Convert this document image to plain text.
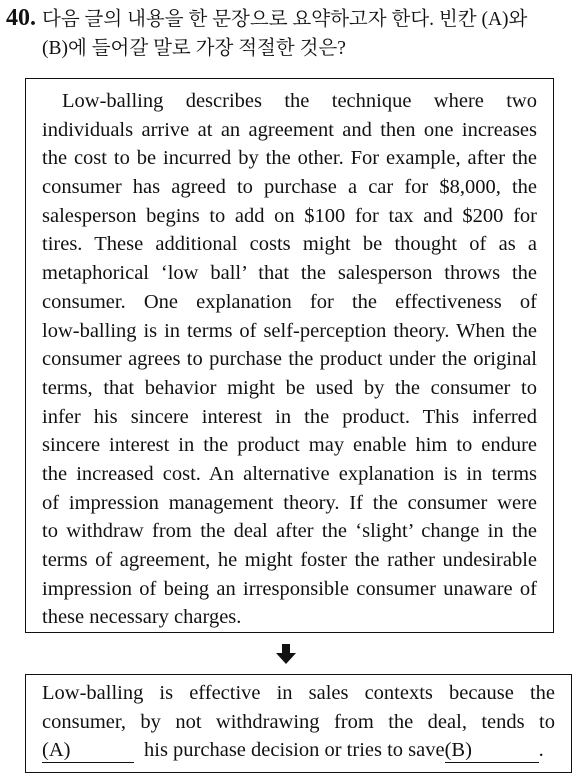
40. 다음 글의 내용을 한 문장으로 요약하고자 한다. 빈칸 (A)와
(B)에 들어갈 말로 가장 적절한 것은?
Low-balling describes the technique where two
individuals arrive at an agreement and then one increases
the cost to be incurred by the other. For example, after the
consumer has agreed to purchase a car for $8,000, the
salesperson begins to add on $100 for tax and $200 for
tires. These additional costs might be thought of as a
metaphorical ‘low ball’ that the salesperson throws the
consumer. One explanation for the effectiveness of
low-balling is in terms of self-perception theory. When the
consumer agrees to purchase the product under the original
terms, that behavior might be used by the consumer to
infer his sincere interest in the product. This inferred
sincere interest in the product may enable him to endure
the increased cost. An alternative explanation is in terms
of impression management theory. If the consumer were
to withdraw from the deal after the ‘slight’ change in the
terms of agreement, he might foster the rather undesirable
impression of being an irresponsible consumer unaware of
these necessary charges.
Low-balling is effective in sales contexts because the
consumer, by not withdrawing from the deal, tends to
(A)	his purchase decision or tries to save (B)	.
